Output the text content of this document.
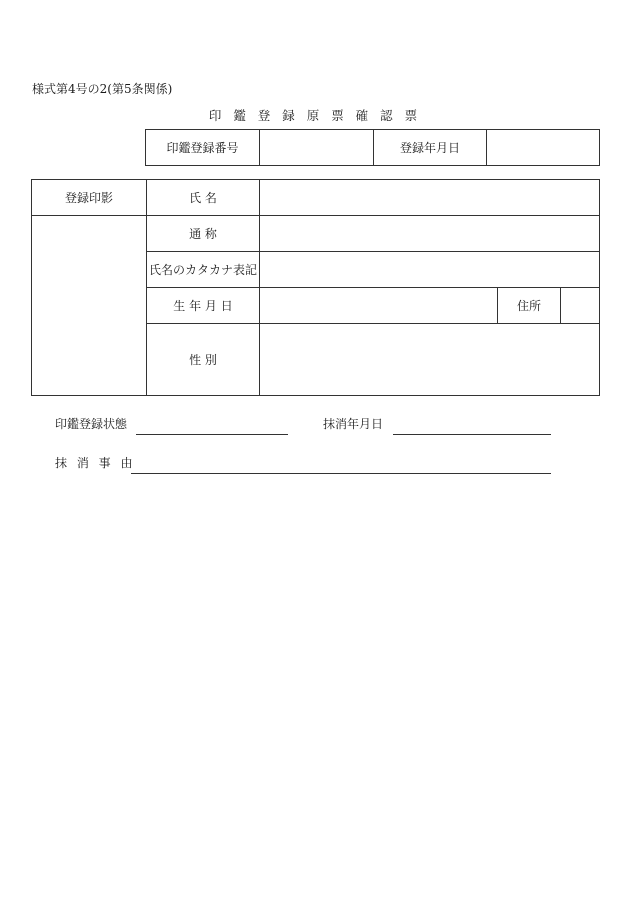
様式第4号の2(第5条関係)
印 鑑 登 録 原 票 確 認 票
印鑑登録番号	登録年月日
登録印影	氏 名
通 称
氏名のカタカナ表記
生 年 月 日	住所
性 別
印鑑登録状態	抹消年月日
抹 消 事 由
